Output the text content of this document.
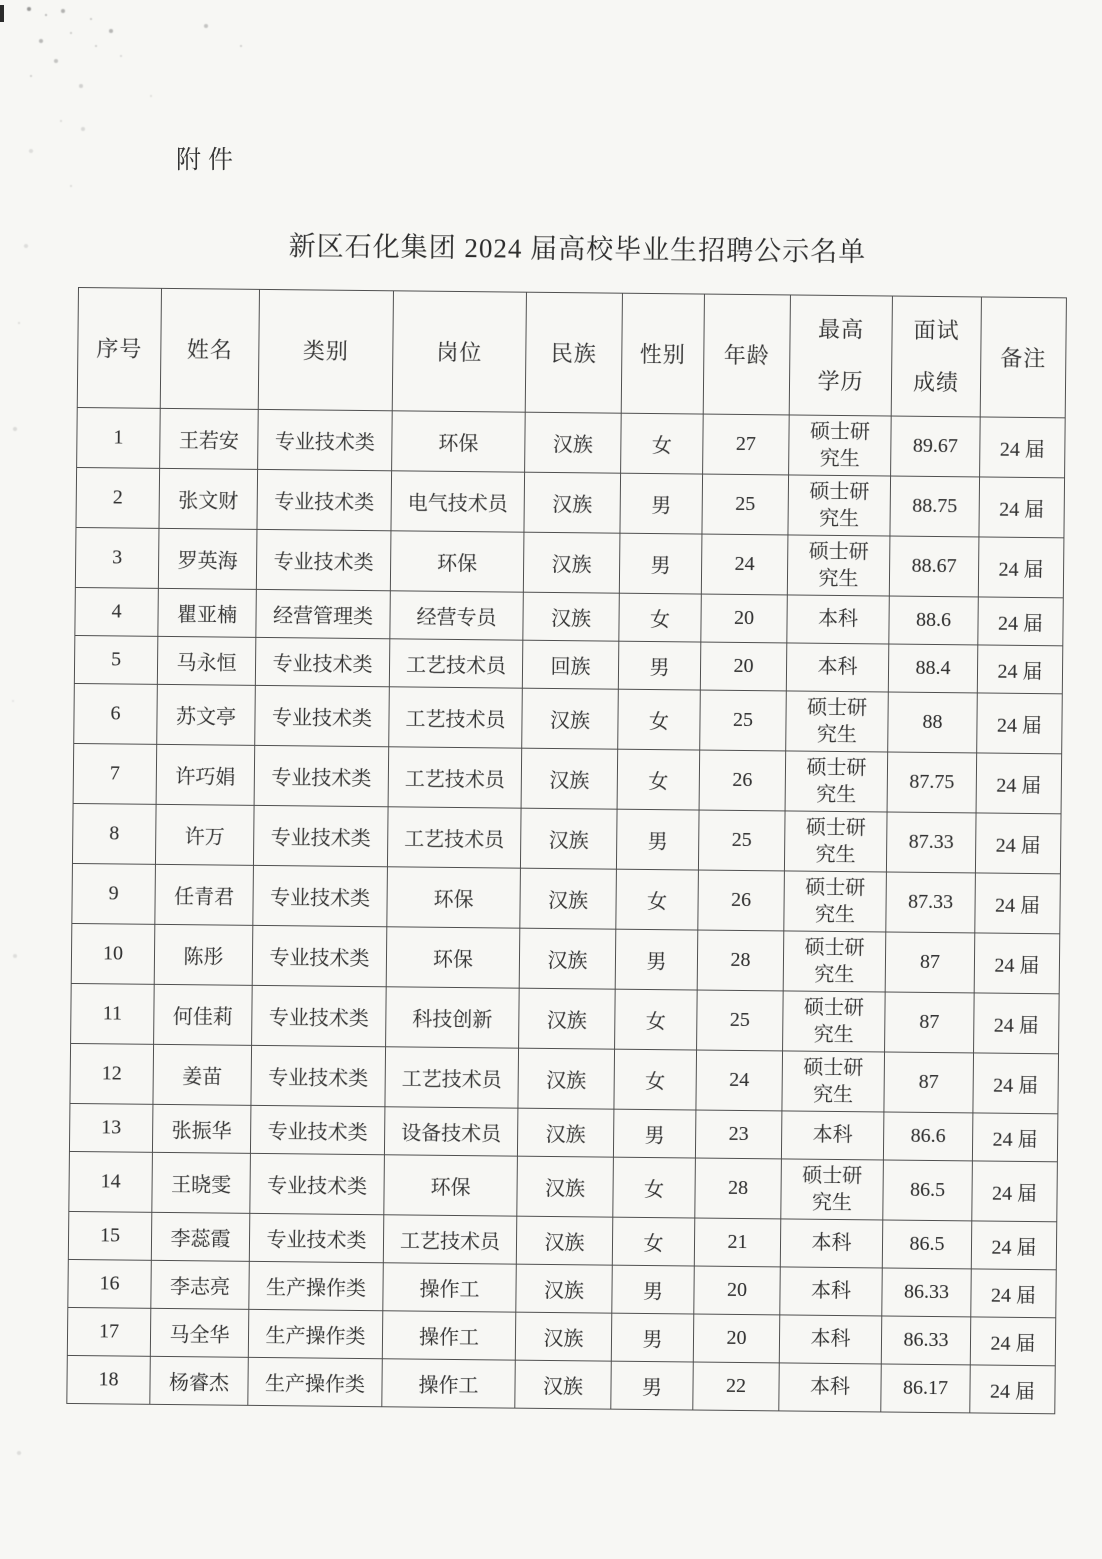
附件
新区石化集团 2024 届高校毕业生招聘公示名单
序号	姓名	类别	岗位	民族	性别	年龄	最高学历	面试成绩	备注
1	王若安	专业技术类	环保	汉族	女	27	硕士研究生	89.67	24 届
2	张文财	专业技术类	电气技术员	汉族	男	25	硕士研究生	88.75	24 届
3	罗英海	专业技术类	环保	汉族	男	24	硕士研究生	88.67	24 届
4	瞿亚楠	经营管理类	经营专员	汉族	女	20	本科	88.6	24 届
5	马永恒	专业技术类	工艺技术员	回族	男	20	本科	88.4	24 届
6	苏文亭	专业技术类	工艺技术员	汉族	女	25	硕士研究生	88	24 届
7	许巧娟	专业技术类	工艺技术员	汉族	女	26	硕士研究生	87.75	24 届
8	许万	专业技术类	工艺技术员	汉族	男	25	硕士研究生	87.33	24 届
9	任青君	专业技术类	环保	汉族	女	26	硕士研究生	87.33	24 届
10	陈彤	专业技术类	环保	汉族	男	28	硕士研究生	87	24 届
11	何佳莉	专业技术类	科技创新	汉族	女	25	硕士研究生	87	24 届
12	姜苗	专业技术类	工艺技术员	汉族	女	24	硕士研究生	87	24 届
13	张振华	专业技术类	设备技术员	汉族	男	23	本科	86.6	24 届
14	王晓雯	专业技术类	环保	汉族	女	28	硕士研究生	86.5	24 届
15	李蕊霞	专业技术类	工艺技术员	汉族	女	21	本科	86.5	24 届
16	李志亮	生产操作类	操作工	汉族	男	20	本科	86.33	24 届
17	马全华	生产操作类	操作工	汉族	男	20	本科	86.33	24 届
18	杨睿杰	生产操作类	操作工	汉族	男	22	本科	86.17	24 届
